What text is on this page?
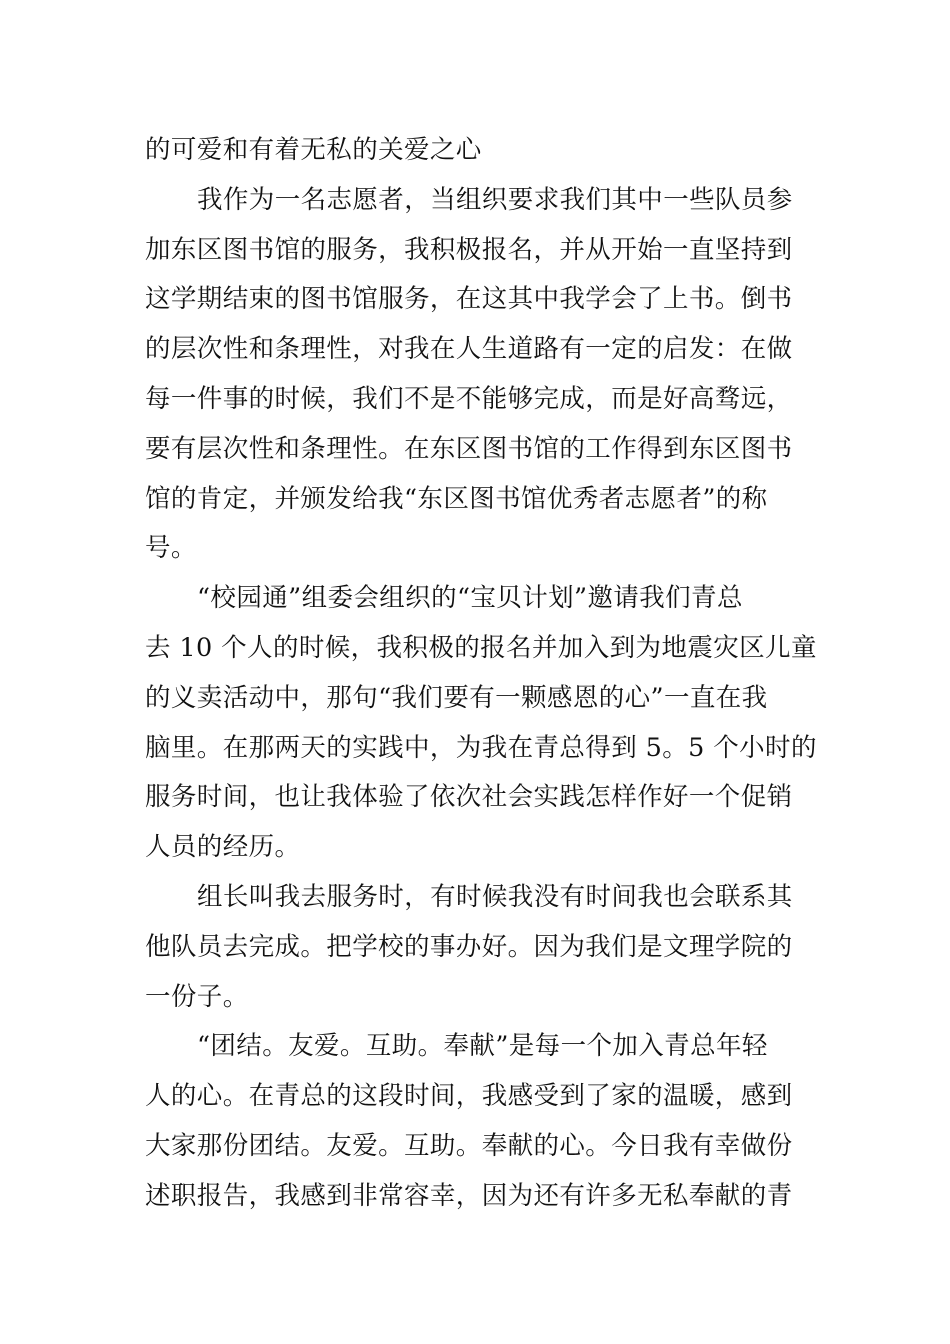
的可爱和有着无私的关爱之心
我作为一名志愿者，当组织要求我们其中一些队员参
加东区图书馆的服务，我积极报名，并从开始一直坚持到
这学期结束的图书馆服务，在这其中我学会了上书。倒书
的层次性和条理性，对我在人生道路有一定的启发：在做
每一件事的时候，我们不是不能够完成，而是好高骛远，
要有层次性和条理性。在东区图书馆的工作得到东区图书
馆的肯定，并颁发给我“东区图书馆优秀者志愿者”的称
号。
“校园通”组委会组织的“宝贝计划”邀请我们青总
去 10 个人的时候，我积极的报名并加入到为地震灾区儿童
的义卖活动中，那句“我们要有一颗感恩的心”一直在我
脑里。在那两天的实践中，为我在青总得到 5。5 个小时的
服务时间，也让我体验了依次社会实践怎样作好一个促销
人员的经历。
组长叫我去服务时，有时候我没有时间我也会联系其
他队员去完成。把学校的事办好。因为我们是文理学院的
一份子。
“团结。友爱。互助。奉献”是每一个加入青总年轻
人的心。在青总的这段时间，我感受到了家的温暖，感到
大家那份团结。友爱。互助。奉献的心。今日我有幸做份
述职报告，我感到非常容幸，因为还有许多无私奉献的青
